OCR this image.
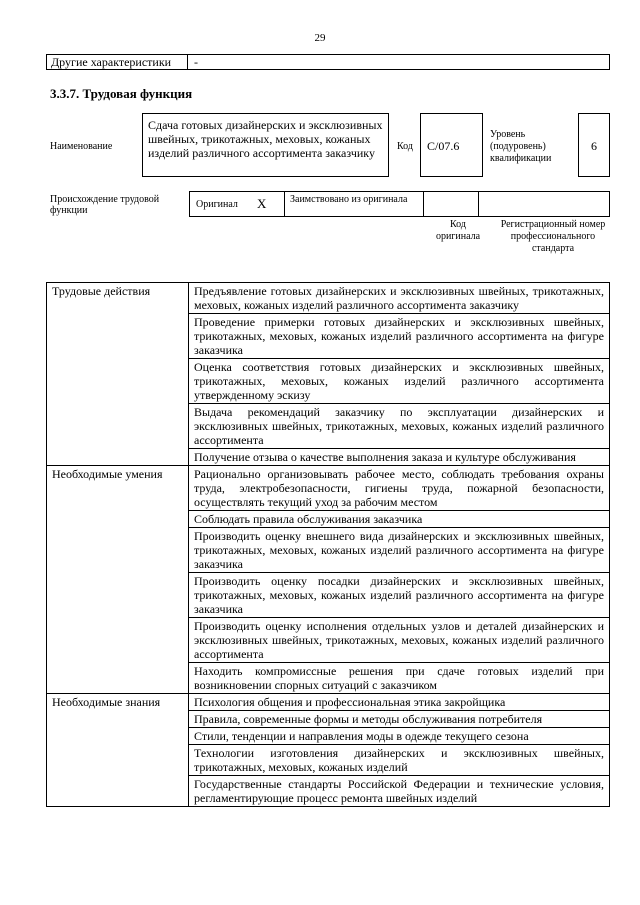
29
Другие характеристики	-
3.3.7. Трудовая функция
Наименование
Сдача готовых дизайнерских и эксклюзивных швейных, трикотажных, меховых, кожаных изделий различного ассортимента заказчику	Код	С/07.6
Уровень
(подуровень)
квалификации
6
Происхождение трудовой функции
Оригинал	X	Заимствовано из оригинала
Код оригинала
Регистрационный номер профессионального стандарта
Трудовые действия	Предъявление готовых дизайнерских и эксклюзивных швейных, трикотажных, меховых, кожаных изделий различного ассортимента заказчику
	Проведение примерки готовых дизайнерских и эксклюзивных швейных, трикотажных, меховых, кожаных изделий различного ассортимента на фигуре заказчика
	Оценка соответствия готовых дизайнерских и эксклюзивных швейных, трикотажных, меховых, кожаных изделий различного ассортимента утвержденному эскизу
	Выдача рекомендаций заказчику по эксплуатации дизайнерских и эксклюзивных швейных, трикотажных, меховых, кожаных изделий различного ассортимента
	Получение отзыва о качестве выполнения заказа и культуре обслуживания
Необходимые умения	Рационально организовывать рабочее место, соблюдать требования охраны труда, электробезопасности, гигиены труда, пожарной безопасности, осуществлять текущий уход за рабочим местом
	Соблюдать правила обслуживания заказчика
	Производить оценку внешнего вида дизайнерских и эксклюзивных швейных, трикотажных, меховых, кожаных изделий различного ассортимента на фигуре заказчика
	Производить оценку посадки дизайнерских и эксклюзивных швейных, трикотажных, меховых, кожаных изделий различного ассортимента на фигуре заказчика
	Производить оценку исполнения отдельных узлов и деталей дизайнерских и эксклюзивных швейных, трикотажных, меховых, кожаных изделий различного ассортимента
	Находить компромиссные решения при сдаче готовых изделий при возникновении спорных ситуаций с заказчиком
Необходимые знания	Психология общения и профессиональная этика закройщика
	Правила, современные формы и методы обслуживания потребителя
	Стили, тенденции и направления моды в одежде текущего сезона
	Технологии изготовления дизайнерских и эксклюзивных швейных, трикотажных, меховых, кожаных изделий
	Государственные стандарты Российской Федерации и технические условия, регламентирующие процесс ремонта швейных изделий
